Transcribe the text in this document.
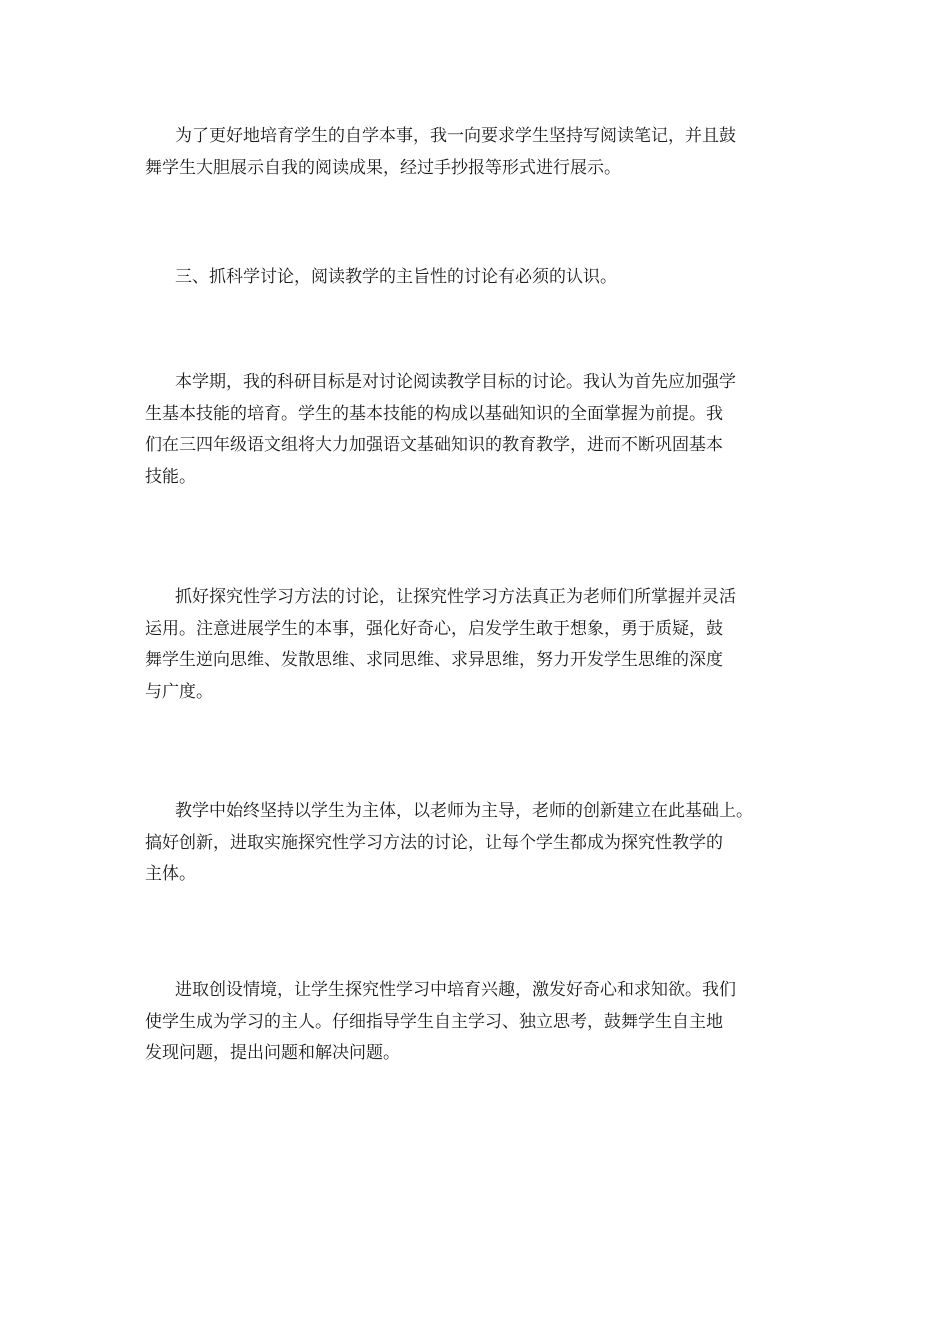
为了更好地培育学生的自学本事，我一向要求学生坚持写阅读笔记，并且鼓
舞学生大胆展示自我的阅读成果，经过手抄报等形式进行展示。

三、抓科学讨论，阅读教学的主旨性的讨论有必须的认识。

本学期，我的科研目标是对讨论阅读教学目标的讨论。我认为首先应加强学
生基本技能的培育。学生的基本技能的构成以基础知识的全面掌握为前提。我
们在三四年级语文组将大力加强语文基础知识的教育教学，进而不断巩固基本
技能。

抓好探究性学习方法的讨论，让探究性学习方法真正为老师们所掌握并灵活
运用。注意进展学生的本事，强化好奇心，启发学生敢于想象，勇于质疑，鼓
舞学生逆向思维、发散思维、求同思维、求异思维，努力开发学生思维的深度
与广度。

教学中始终坚持以学生为主体，以老师为主导，老师的创新建立在此基础上。
搞好创新，进取实施探究性学习方法的讨论，让每个学生都成为探究性教学的
主体。

进取创设情境，让学生探究性学习中培育兴趣，激发好奇心和求知欲。我们
使学生成为学习的主人。仔细指导学生自主学习、独立思考，鼓舞学生自主地
发现问题，提出问题和解决问题。
